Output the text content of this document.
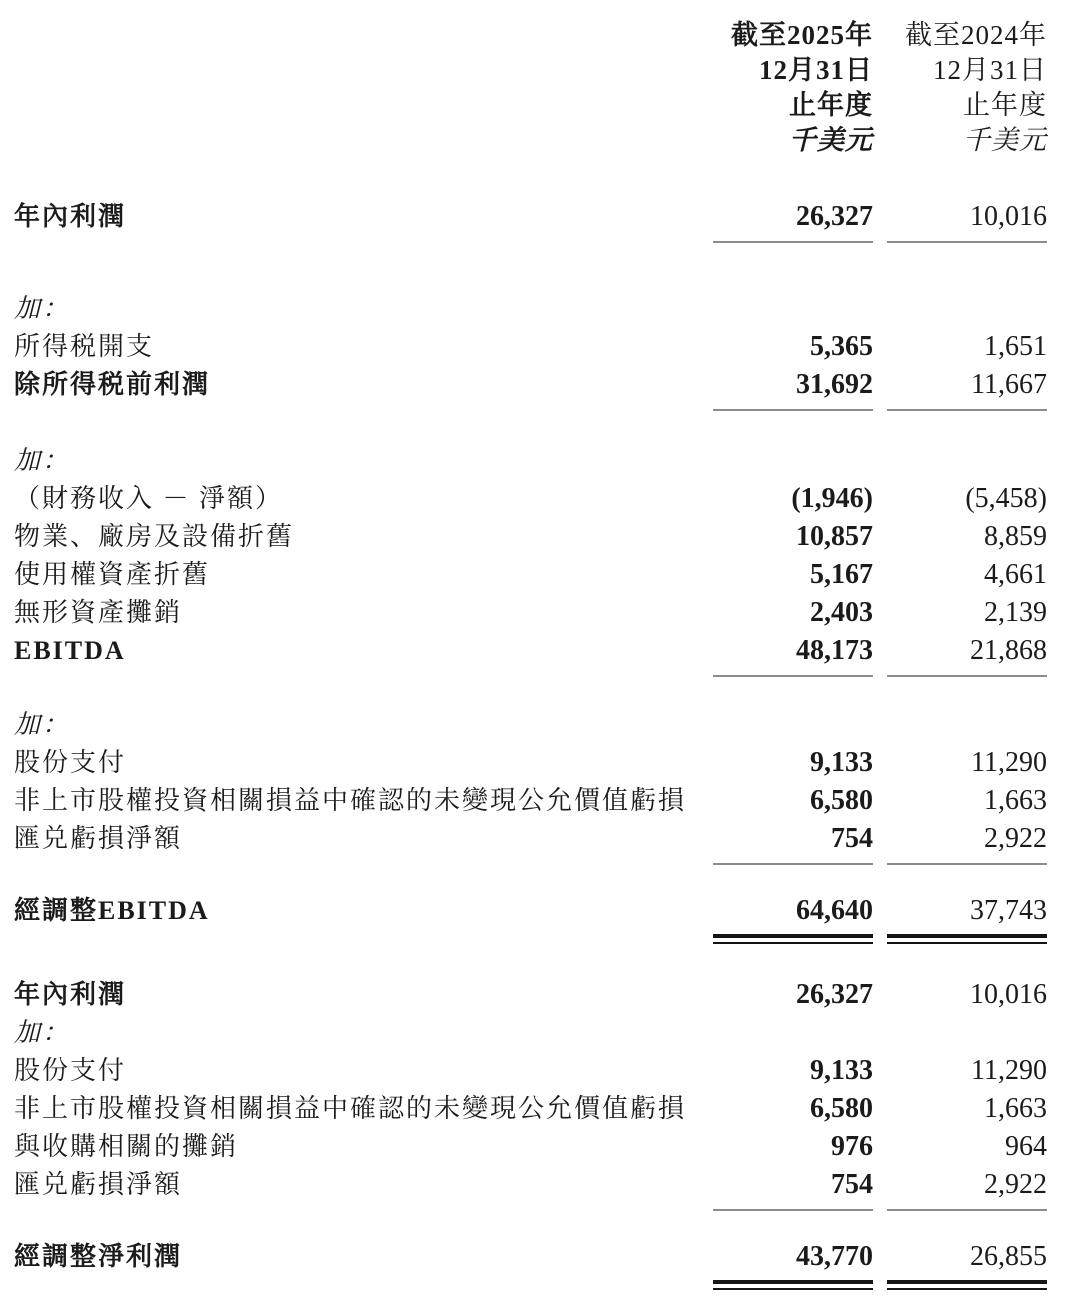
截至2025年
12月31日
止年度
千美元
截至2024年
12月31日
止年度
千美元
年內利潤	26,327	10,016
加：
所得税開支	5,365	1,651
除所得税前利潤	31,692	11,667
加：
（財務收入 － 淨額）	(1,946)	(5,458)
物業、廠房及設備折舊	10,857	8,859
使用權資產折舊	5,167	4,661
無形資產攤銷	2,403	2,139
EBITDA	48,173	21,868
加：
股份支付	9,133	11,290
非上市股權投資相關損益中確認的未變現公允價值虧損	6,580	1,663
匯兑虧損淨額	754	2,922
經調整EBITDA	64,640	37,743
年內利潤	26,327	10,016
加：
股份支付	9,133	11,290
非上市股權投資相關損益中確認的未變現公允價值虧損	6,580	1,663
與收購相關的攤銷	976	964
匯兑虧損淨額	754	2,922
經調整淨利潤	43,770	26,855
